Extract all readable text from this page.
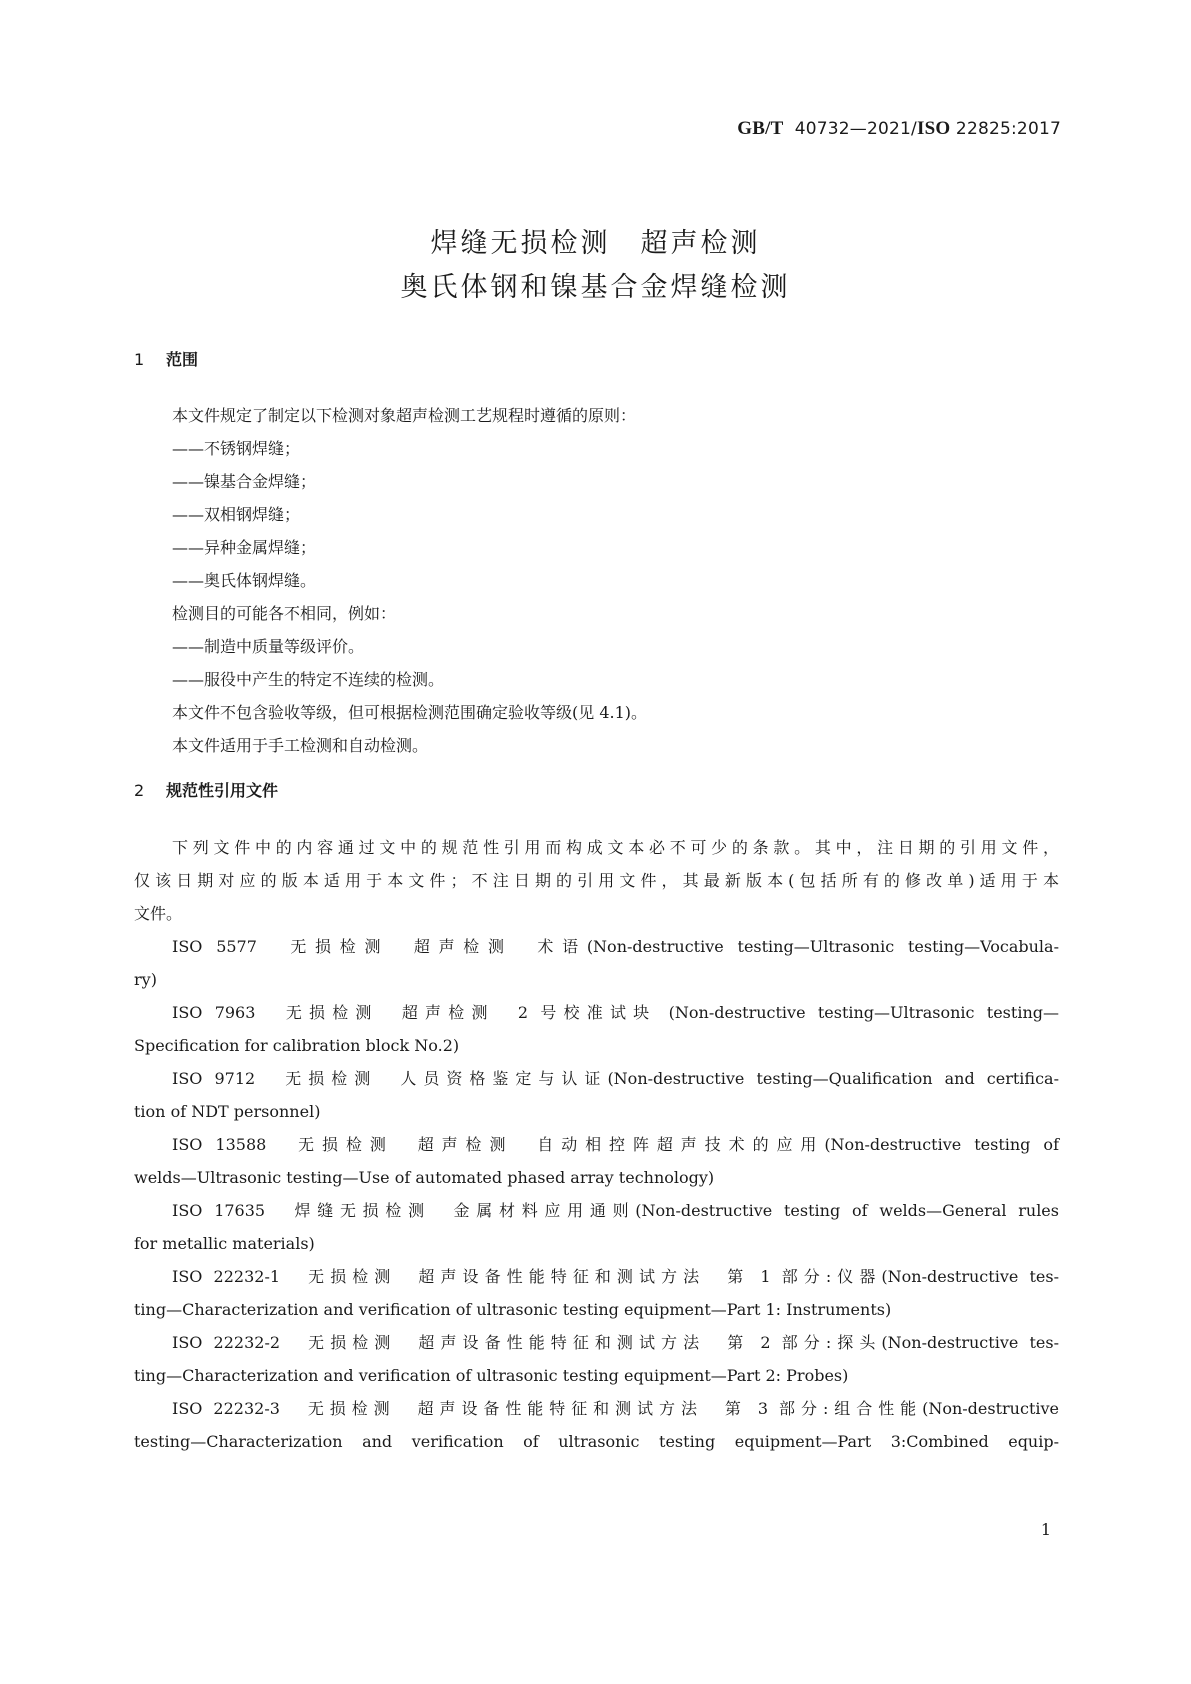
GB/T 40732—2021/ISO 22825:2017
焊缝无损检测　超声检测
奥氏体钢和镍基合金焊缝检测
1 范围
本文件规定了制定以下检测对象超声检测工艺规程时遵循的原则：
——不锈钢焊缝；
——镍基合金焊缝；
——双相钢焊缝；
——异种金属焊缝；
——奥氏体钢焊缝。
检测目的可能各不相同，例如：
——制造中质量等级评价。
——服役中产生的特定不连续的检测。
本文件不包含验收等级，但可根据检测范围确定验收等级(见 4.1)。
本文件适用于手工检测和自动检测。
2 规范性引用文件
下列文件中的内容通过文中的规范性引用而构成文本必不可少的条款。其中，注日期的引用文件，
仅该日期对应的版本适用于本文件；不注日期的引用文件，其最新版本(包括所有的修改单)适用于本
文件。
ISO 5577　无损检测　超声检测　术语(Non-destructive testing—Ultrasonic testing—Vocabula-
ry)
ISO 7963　无损检测　超声检测　2 号校准试块 (Non-destructive testing—Ultrasonic testing—
Specification for calibration block No.2)
ISO 9712　无损检测　人员资格鉴定与认证(Non-destructive testing—Qualification and certifica-
tion of NDT personnel)
ISO 13588　无损检测　超声检测　自动相控阵超声技术的应用(Non-destructive testing of
welds—Ultrasonic testing—Use of automated phased array technology)
ISO 17635　焊缝无损检测　金属材料应用通则(Non-destructive testing of welds—General rules
for metallic materials)
ISO 22232-1　无损检测　超声设备性能特征和测试方法　第 1 部分:仪器(Non-destructive tes-
ting—Characterization and verification of ultrasonic testing equipment—Part 1: Instruments)
ISO 22232-2　无损检测　超声设备性能特征和测试方法　第 2 部分:探头(Non-destructive tes-
ting—Characterization and verification of ultrasonic testing equipment—Part 2: Probes)
ISO 22232-3　无损检测　超声设备性能特征和测试方法　第 3 部分:组合性能(Non-destructive
testing—Characterization and verification of ultrasonic testing equipment—Part 3:Combined equip-
1
